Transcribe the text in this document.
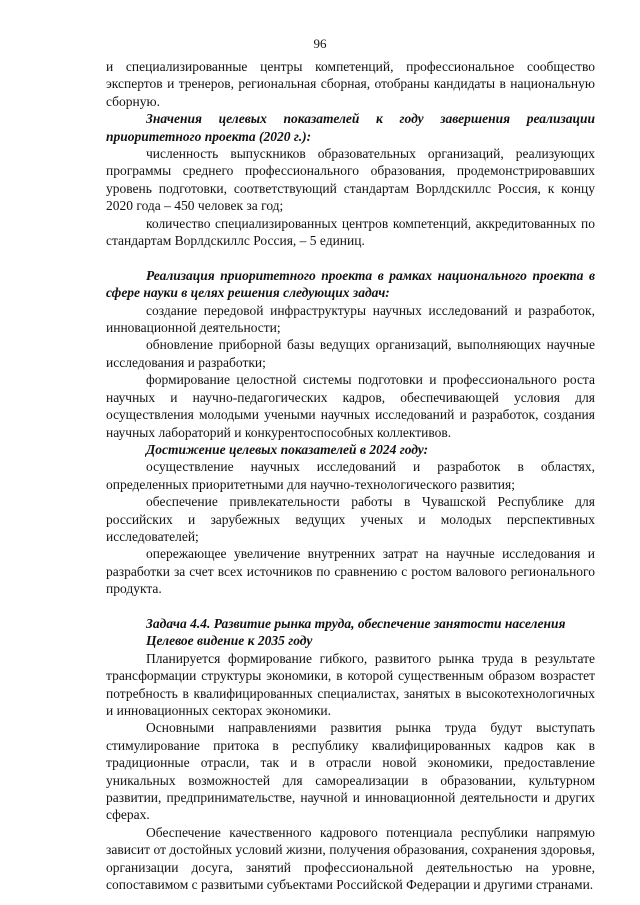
96
и специализированные центры компетенций, профессиональное сообщество экспертов и тренеров, региональная сборная, отобраны кандидаты в национальную сборную.
Значения целевых показателей к году завершения реализации приоритетного проекта (2020 г.):
численность выпускников образовательных организаций, реализующих программы среднего профессионального образования, продемонстрировавших уровень подготовки, соответствующий стандартам Ворлдскиллс Россия, к концу 2020 года – 450 человек за год;
количество специализированных центров компетенций, аккредитованных по стандартам Ворлдскиллс Россия, – 5 единиц.
Реализация приоритетного проекта в рамках национального проекта в сфере науки в целях решения следующих задач:
создание передовой инфраструктуры научных исследований и разработок, инновационной деятельности;
обновление приборной базы ведущих организаций, выполняющих научные исследования и разработки;
формирование целостной системы подготовки и профессионального роста научных и научно-педагогических кадров, обеспечивающей условия для осуществления молодыми учеными научных исследований и разработок, создания научных лабораторий и конкурентоспособных коллективов.
Достижение целевых показателей в 2024 году:
осуществление научных исследований и разработок в областях, определенных приоритетными для научно-технологического развития;
обеспечение привлекательности работы в Чувашской Республике для российских и зарубежных ведущих ученых и молодых перспективных исследователей;
опережающее увеличение внутренних затрат на научные исследования и разработки за счет всех источников по сравнению с ростом валового регионального продукта.
Задача 4.4. Развитие рынка труда, обеспечение занятости населения
Целевое видение к 2035 году
Планируется формирование гибкого, развитого рынка труда в результате трансформации структуры экономики, в которой существенным образом возрастет потребность в квалифицированных специалистах, занятых в высокотехнологичных и инновационных секторах экономики.
Основными направлениями развития рынка труда будут выступать стимулирование притока в республику квалифицированных кадров как в традиционные отрасли, так и в отрасли новой экономики, предоставление уникальных возможностей для самореализации в образовании, культурном развитии, предпринимательстве, научной и инновационной деятельности и других сферах.
Обеспечение качественного кадрового потенциала республики напрямую зависит от достойных условий жизни, получения образования, сохранения здоровья, организации досуга, занятий профессиональной деятельностью на уровне, сопоставимом с развитыми субъектами Российской Федерации и другими странами.
